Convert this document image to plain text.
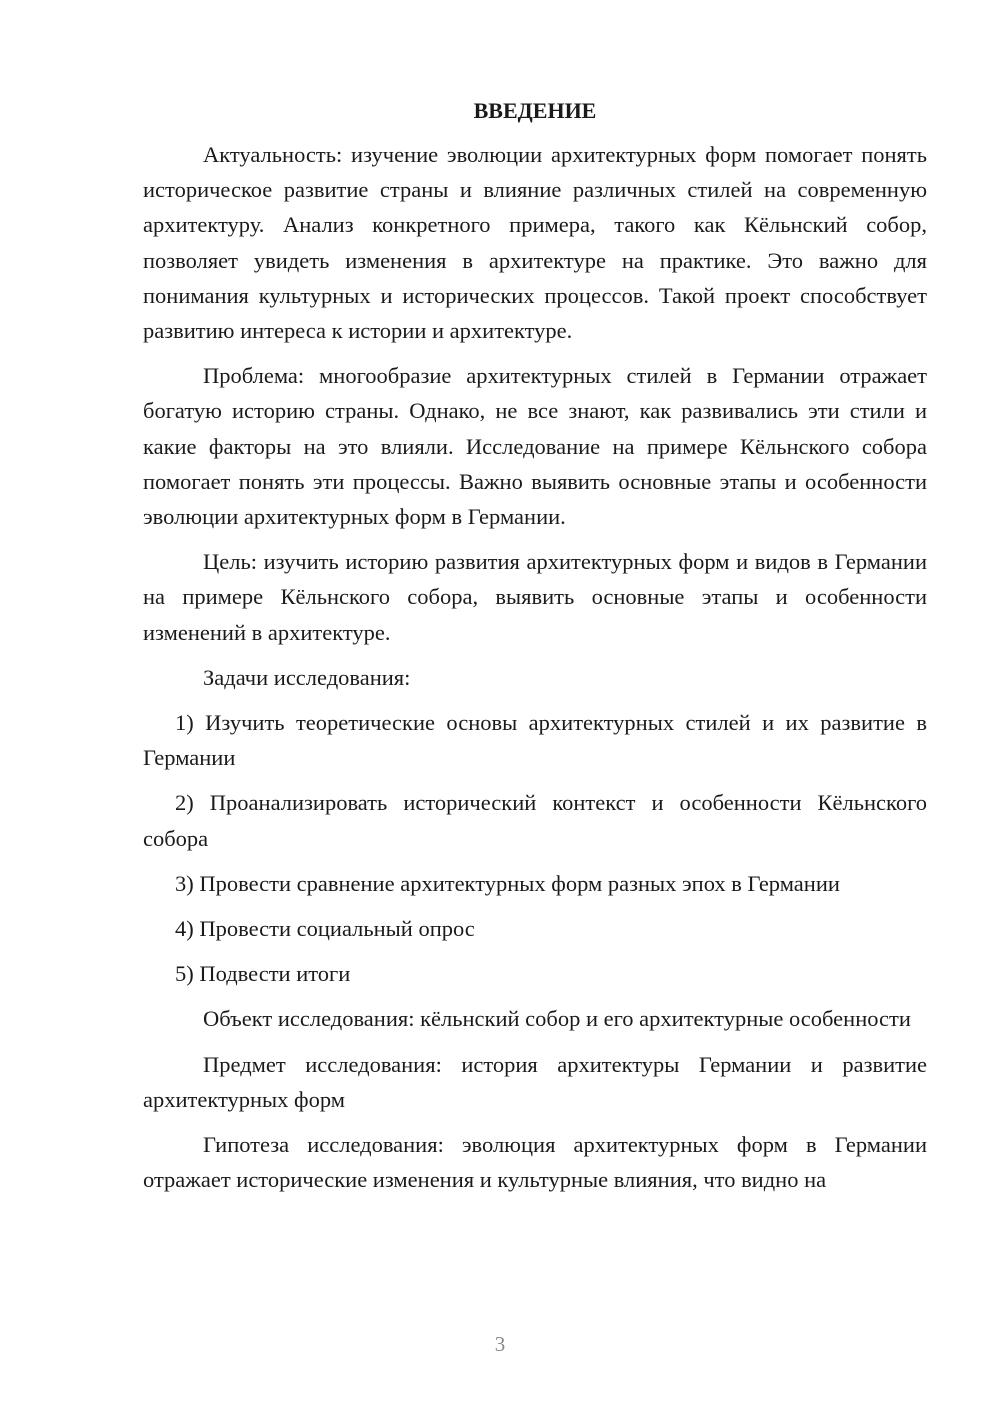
ВВЕДЕНИЕ

Актуальность: изучение эволюции архитектурных форм помогает понять историческое развитие страны и влияние различных стилей на современную архитектуру. Анализ конкретного примера, такого как Кёльнский собор, позволяет увидеть изменения в архитектуре на практике. Это важно для понимания культурных и исторических процессов. Такой проект способствует развитию интереса к истории и архитектуре.

Проблема: многообразие архитектурных стилей в Германии отражает богатую историю страны. Однако, не все знают, как развивались эти стили и какие факторы на это влияли. Исследование на примере Кёльнского собора помогает понять эти процессы. Важно выявить основные этапы и особенности эволюции архитектурных форм в Германии.

Цель: изучить историю развития архитектурных форм и видов в Германии на примере Кёльнского собора, выявить основные этапы и особенности изменений в архитектуре.

Задачи исследования:

1) Изучить теоретические основы архитектурных стилей и их развитие в Германии

2) Проанализировать исторический контекст и особенности Кёльнского собора

3) Провести сравнение архитектурных форм разных эпох в Германии

4) Провести социальный опрос

5) Подвести итоги

Объект исследования: кёльнский собор и его архитектурные особенности

Предмет исследования: история архитектуры Германии и развитие архитектурных форм

Гипотеза исследования: эволюция архитектурных форм в Германии отражает исторические изменения и культурные влияния, что видно на

3
